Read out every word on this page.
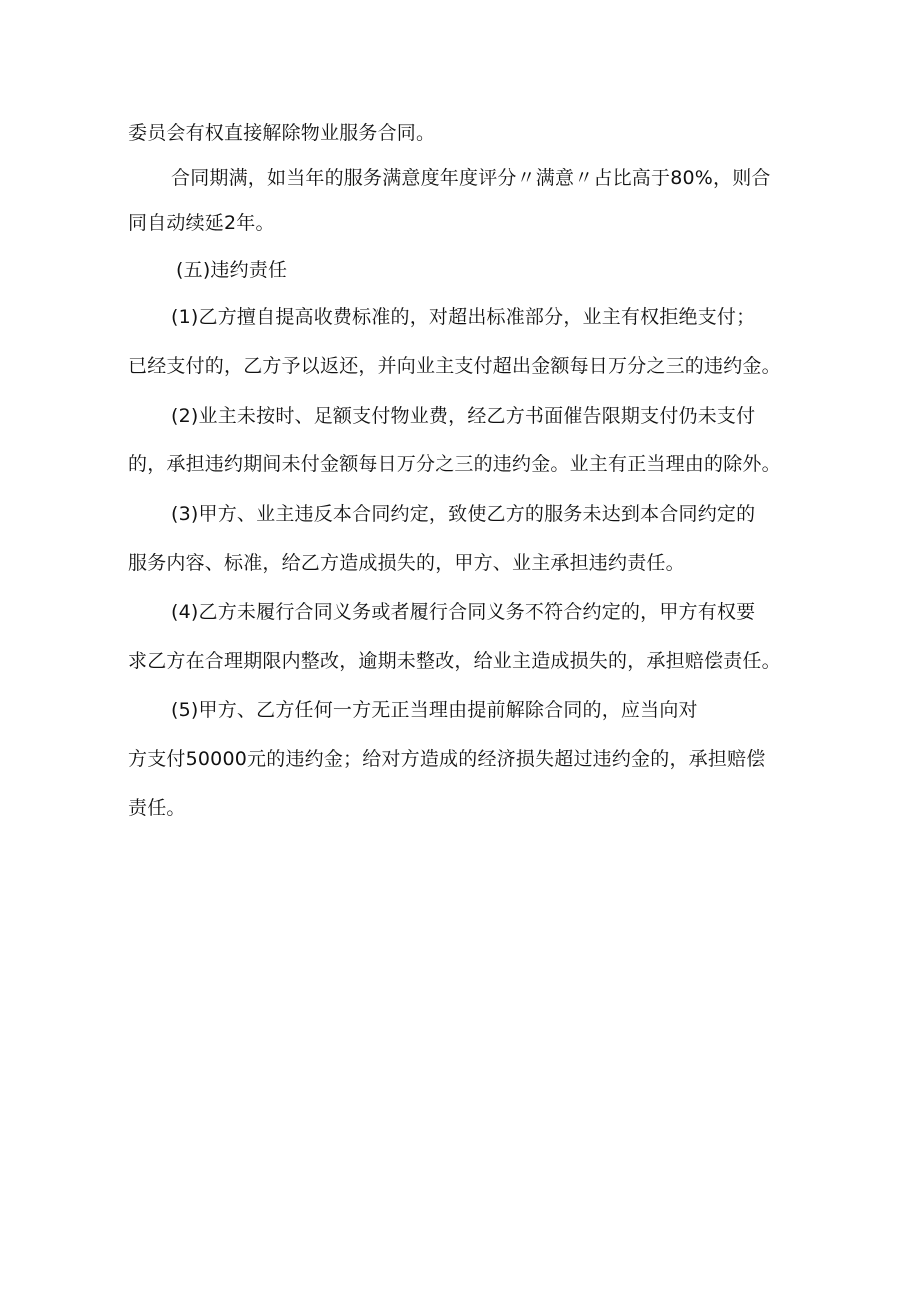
委员会有权直接解除物业服务合同。
合同期满，如当年的服务满意度年度评分〃满意〃占比高于80%，则合
同自动续延2年。
(五)违约责任
(1)乙方擅自提高收费标准的，对超出标准部分，业主有权拒绝支付；
已经支付的，乙方予以返还，并向业主支付超出金额每日万分之三的违约金。
(2)业主未按时、足额支付物业费，经乙方书面催告限期支付仍未支付
的，承担违约期间未付金额每日万分之三的违约金。业主有正当理由的除外。
(3)甲方、业主违反本合同约定，致使乙方的服务未达到本合同约定的
服务内容、标准，给乙方造成损失的，甲方、业主承担违约责任。
(4)乙方未履行合同义务或者履行合同义务不符合约定的，甲方有权要
求乙方在合理期限内整改，逾期未整改，给业主造成损失的，承担赔偿责任。
(5)甲方、乙方任何一方无正当理由提前解除合同的，应当向对
方支付50000元的违约金；给对方造成的经济损失超过违约金的，承担赔偿
责任。
